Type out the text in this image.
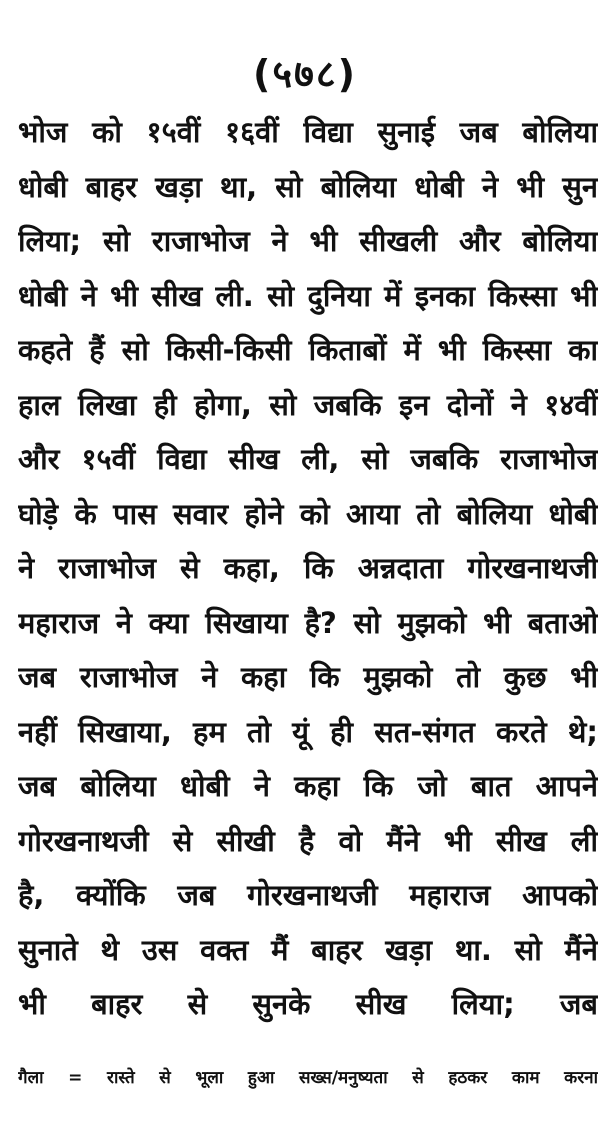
(५७८)
भोज को १५वीं १६वीं विद्या सुनाई जब बोलिया
धोबी बाहर खड़ा था, सो बोलिया धोबी ने भी सुन
लिया; सो राजाभोज ने भी सीखली और बोलिया
धोबी ने भी सीख ली. सो दुनिया में इनका किस्सा भी
कहते हैं सो किसी-किसी किताबों में भी किस्सा का
हाल लिखा ही होगा, सो जबकि इन दोनों ने १४वीं
और १५वीं विद्या सीख ली, सो जबकि राजाभोज
घोड़े के पास सवार होने को आया तो बोलिया धोबी
ने राजाभोज से कहा, कि अन्नदाता गोरखनाथजी
महाराज ने क्या सिखाया है? सो मुझको भी बताओ
जब राजाभोज ने कहा कि मुझको तो कुछ भी
नहीं सिखाया, हम तो यूं ही सत-संगत करते थे;
जब बोलिया धोबी ने कहा कि जो बात आपने
गोरखनाथजी से सीखी है वो मैंने भी सीख ली
है, क्योंकि जब गोरखनाथजी महाराज आपको
सुनाते थे उस वक्त मैं बाहर खड़ा था. सो मैंने
भी बाहर से सुनके सीख लिया; जब
गैला = रास्ते से भूला हुआ सख्स/मनुष्यता से हठकर काम करना
